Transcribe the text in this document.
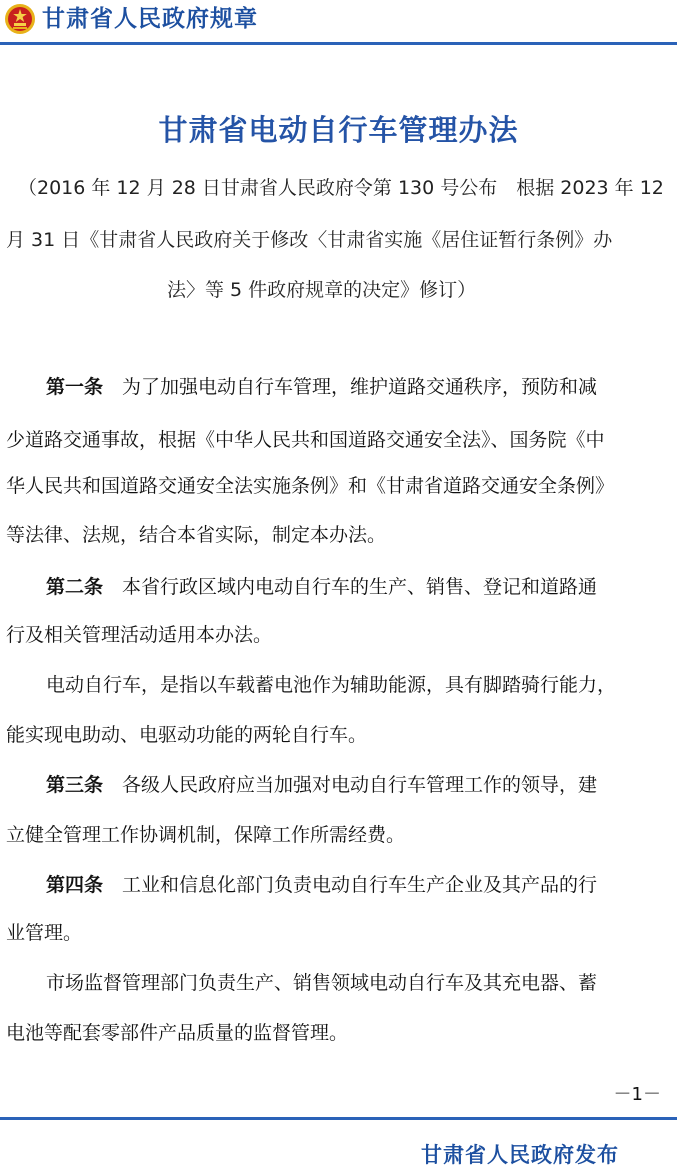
甘肃省人民政府规章
甘肃省电动自行车管理办法
（2016 年 12 月 28 日甘肃省人民政府令第 130 号公布　根据 2023 年 12
月 31 日《甘肃省人民政府关于修改〈甘肃省实施《居住证暂行条例》办
法〉等 5 件政府规章的决定》修订）
第一条  为了加强电动自行车管理，维护道路交通秩序，预防和减
少道路交通事故，根据《中华人民共和国道路交通安全法》、国务院《中
华人民共和国道路交通安全法实施条例》和《甘肃省道路交通安全条例》
等法律、法规，结合本省实际，制定本办法。
第二条  本省行政区域内电动自行车的生产、销售、登记和道路通
行及相关管理活动适用本办法。
电动自行车，是指以车载蓄电池作为辅助能源，具有脚踏骑行能力，
能实现电助动、电驱动功能的两轮自行车。
第三条  各级人民政府应当加强对电动自行车管理工作的领导，建
立健全管理工作协调机制，保障工作所需经费。
第四条  工业和信息化部门负责电动自行车生产企业及其产品的行
业管理。
市场监督管理部门负责生产、销售领域电动自行车及其充电器、蓄
电池等配套零部件产品质量的监督管理。
－1－
甘肃省人民政府发布
